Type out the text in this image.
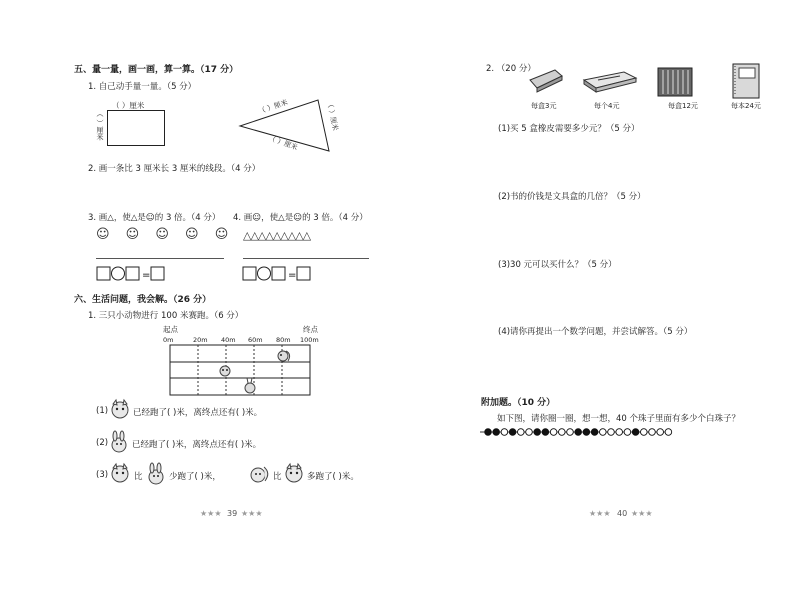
五、量一量，画一画，算一算。（17 分）
1. 自己动手量一量。（5 分）
（ ）厘米
（ ）厘米
（ ）厘米	（ ）厘米
（ ）厘米
2. 画一条比 3 厘米长 3 厘米的线段。（4 分）
3. 画△，使△是☺的 3 倍。（4 分） 4. 画☺，使△是☺的 3 倍。（4 分）
☺ ☺ ☺ ☺ ☺ △△△△△△△△△
=	=
六、生活问题，我会解。（26 分）
1. 三只小动物进行 100 米赛跑。（6 分）
起点	终点
0m	20m 40m 60m 80m 100m
(1)	已经跑了( )米，离终点还有( )米。
(2)	已经跑了( )米，离终点还有( )米。
(3)	比	少跑了( )米，	比	多跑了( )米。
★★★ 39 ★★★
2. （20 分）
每盒3元	每个4元	每盒12元	每本24元
(1)买 5 盒橡皮需要多少元？（5 分）
(2)书的价钱是文具盒的几倍？（5 分）
(3)30 元可以买什么？（5 分）
(4)请你再提出一个数学问题，并尝试解答。（5 分）
附加题。（10 分）
如下图，请你圈一圈，想一想，40 个珠子里面有多少个白珠子？
★★★ 40 ★★★
